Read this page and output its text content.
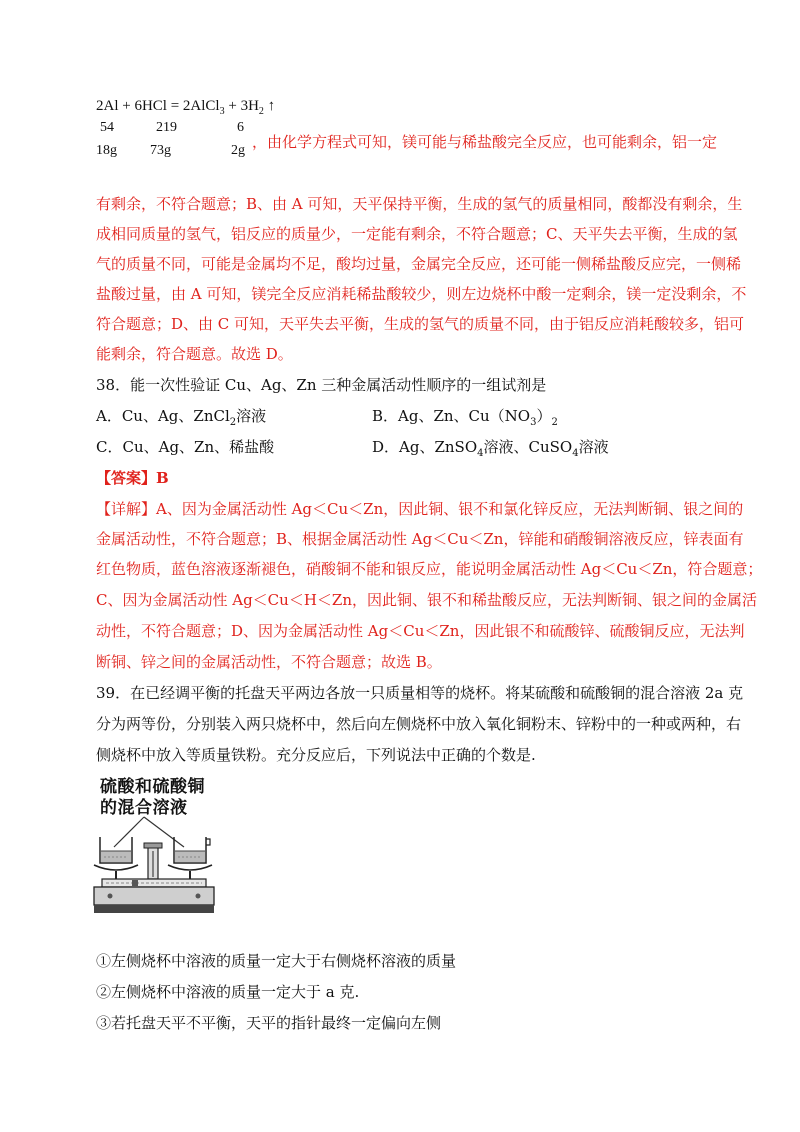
2Al + 6HCl = 2AlCl$_3$ + $3H_2$ ↑
54	219	6
18g 73g	2g ，由化学方程式可知，镁可能与稀盐酸完全反应，也可能剩余，铝一定
有剩余，不符合题意；B、由 A 可知，天平保持平衡，生成的氢气的质量相同，酸都没有剩余，生
成相同质量的氢气，铝反应的质量少，一定能有剩余，不符合题意；C、天平失去平衡，生成的氢
气的质量不同，可能是金属均不足，酸均过量，金属完全反应，还可能一侧稀盐酸反应完，一侧稀
盐酸过量，由 A 可知，镁完全反应消耗稀盐酸较少，则左边烧杯中酸一定剩余，镁一定没剩余，不
符合题意；D、由 C 可知，天平失去平衡，生成的氢气的质量不同，由于铝反应消耗酸较多，铝可
能剩余，符合题意。故选 D。
38．能一次性验证 Cu、Ag、Zn 三种金属活动性顺序的一组试剂是
A．Cu、Ag、ZnCl$_2$溶液	B．Ag、Zn、$Cu(NO_3)_2$
C．Cu、Ag、Zn、稀盐酸	D．Ag、ZnSO$_4$溶液、CuSO$_4$溶液
【答案】B
【详解】A、因为金属活动性 Ag＜Cu＜Zn，因此铜、银不和氯化锌反应，无法判断铜、银之间的
金属活动性，不符合题意；B、根据金属活动性 Ag＜Cu＜Zn，锌能和硝酸铜溶液反应，锌表面有
红色物质，蓝色溶液逐渐褪色，硝酸铜不能和银反应，能说明金属活动性 Ag＜Cu＜Zn，符合题意；
C、因为金属活动性 Ag＜Cu＜H＜Zn，因此铜、银不和稀盐酸反应，无法判断铜、银之间的金属活
动性，不符合题意；D、因为金属活动性 Ag＜Cu＜Zn，因此银不和硫酸锌、硫酸铜反应，无法判
断铜、锌之间的金属活动性，不符合题意；故选 B。
39．在已经调平衡的托盘天平两边各放一只质量相等的烧杯。将某硫酸和硫酸铜的混合溶液 2a 克
分为两等份，分别装入两只烧杯中，然后向左侧烧杯中放入氧化铜粉末、锌粉中的一种或两种，右
侧烧杯中放入等质量铁粉。充分反应后，下列说法中正确的个数是.
硫酸和硫酸铜
的混合溶液
①左侧烧杯中溶液的质量一定大于右侧烧杯溶液的质量
②左侧烧杯中溶液的质量一定大于 a 克.
③若托盘天平不平衡，天平的指针最终一定偏向左侧
